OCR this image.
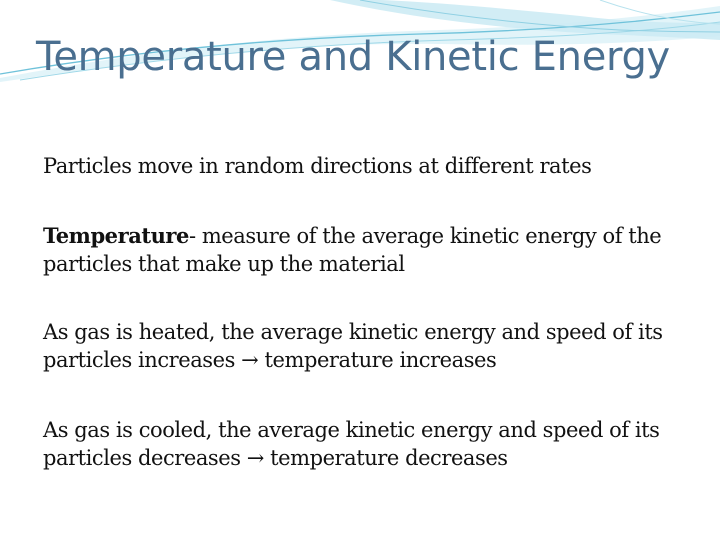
Temperature and Kinetic Energy

Particles move in random directions at different rates

Temperature- measure of the average kinetic energy of the particles that make up the material

As gas is heated, the average kinetic energy and speed of its particles increases → temperature increases

As gas is cooled, the average kinetic energy and speed of its particles decreases → temperature decreases
